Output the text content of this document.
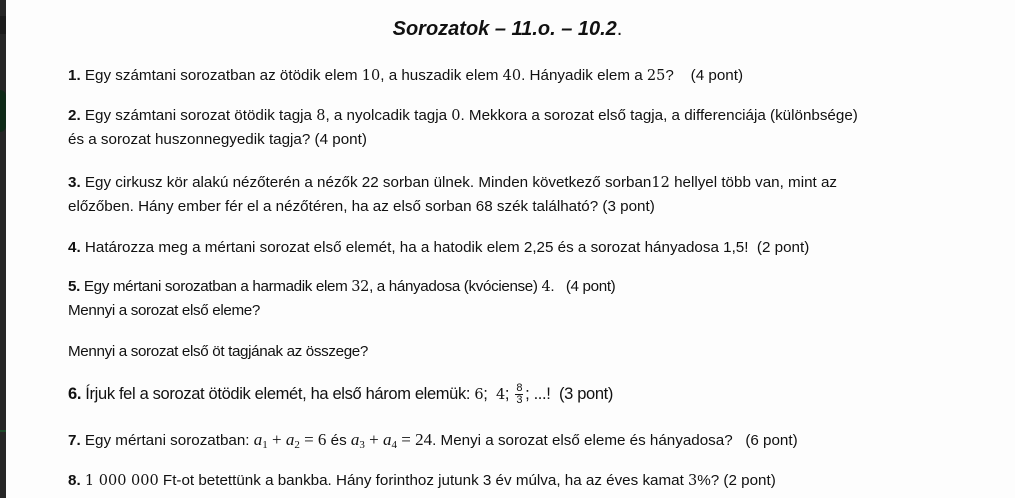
Sorozatok – 11.o. – 10.2.
1. Egy számtani sorozatban az ötödik elem 10, a huszadik elem 40. Hányadik elem a 25?    (4 pont)
2. Egy számtani sorozat ötödik tagja 8, a nyolcadik tagja 0. Mekkora a sorozat első tagja, a differenciája (különbsége)
és a sorozat huszonnegyedik tagja? (4 pont)
3. Egy cirkusz kör alakú nézőterén a nézők 22 sorban ülnek. Minden következő sorban12 hellyel több van, mint az
előzőben. Hány ember fér el a nézőtéren, ha az első sorban 68 szék található? (3 pont)
4. Határozza meg a mértani sorozat első elemét, ha a hatodik elem 2,25 és a sorozat hányadosa 1,5!  (2 pont)
5. Egy mértani sorozatban a harmadik elem 32, a hányadosa (kvóciense) 4.   (4 pont)
Mennyi a sorozat első eleme?
Mennyi a sorozat első öt tagjának az összege?
6. Írjuk fel a sorozat ötödik elemét, ha első három elemük: 6;  4; $\frac{8}{3}$ ; ...!  (3 pont)
7. Egy mértani sorozatban: $a_1 + a_2 = 6$ és $a_3 + a_4 = 24$. Menyi a sorozat első eleme és hányadosa?   (6 pont)
8. 1 000 000 Ft-ot betettünk a bankba. Hány forinthoz jutunk 3 év múlva, ha az éves kamat 3%? (2 pont)
